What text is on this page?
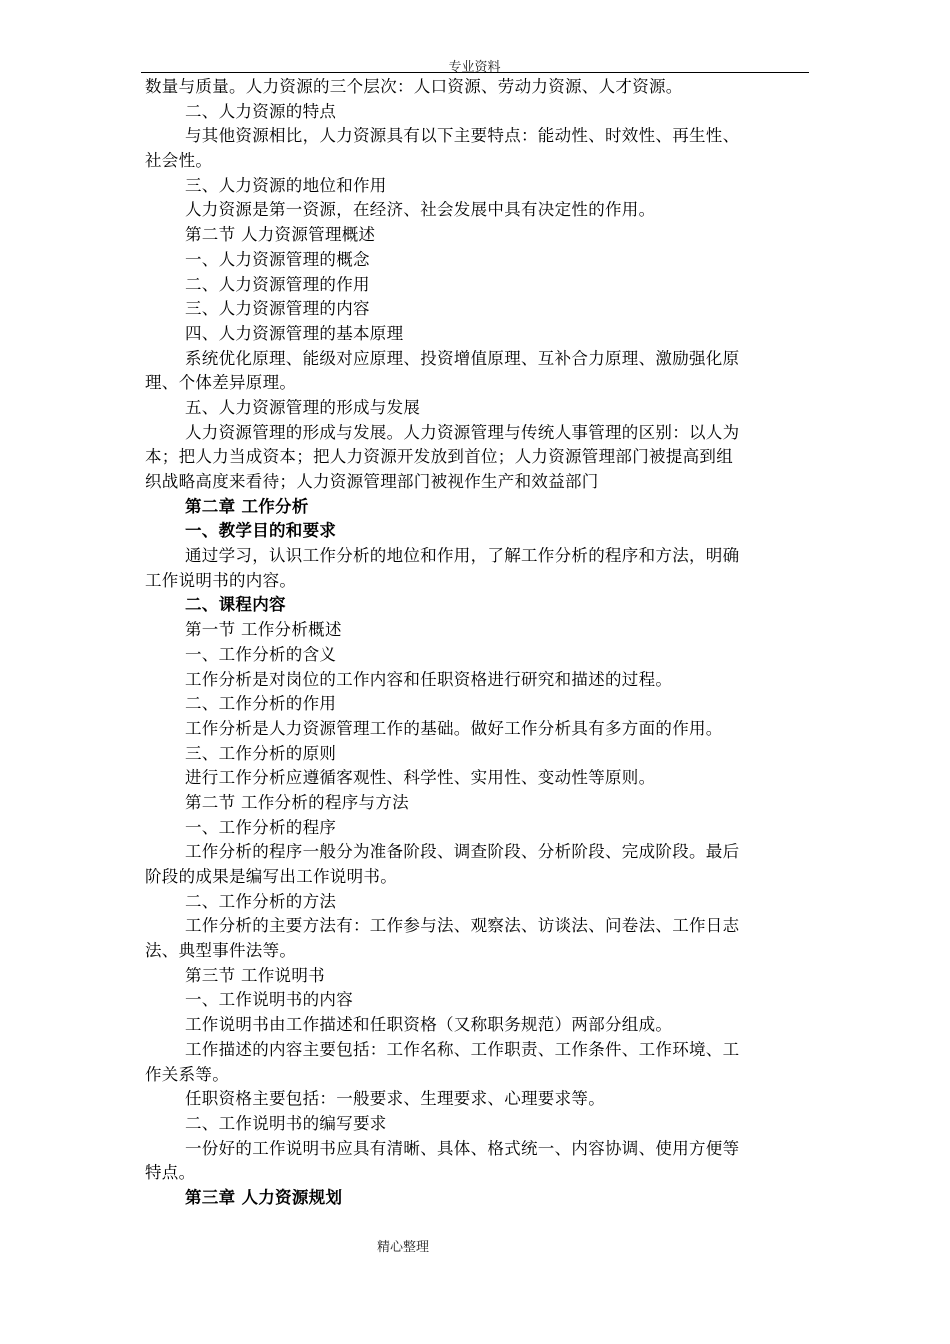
专业资料
数量与质量。人力资源的三个层次：人口资源、劳动力资源、人才资源。
二、人力资源的特点
与其他资源相比，人力资源具有以下主要特点：能动性、时效性、再生性、
社会性。
三、人力资源的地位和作用
人力资源是第一资源，在经济、社会发展中具有决定性的作用。
第二节 人力资源管理概述
一、人力资源管理的概念
二、人力资源管理的作用
三、人力资源管理的内容
四、人力资源管理的基本原理
系统优化原理、能级对应原理、投资增值原理、互补合力原理、激励强化原
理、个体差异原理。
五、人力资源管理的形成与发展
人力资源管理的形成与发展。人力资源管理与传统人事管理的区别：以人为
本；把人力当成资本；把人力资源开发放到首位；人力资源管理部门被提高到组
织战略高度来看待；人力资源管理部门被视作生产和效益部门
第二章 工作分析
一、教学目的和要求
通过学习，认识工作分析的地位和作用，了解工作分析的程序和方法，明确
工作说明书的内容。
二、课程内容
第一节 工作分析概述
一、工作分析的含义
工作分析是对岗位的工作内容和任职资格进行研究和描述的过程。
二、工作分析的作用
工作分析是人力资源管理工作的基础。做好工作分析具有多方面的作用。
三、工作分析的原则
进行工作分析应遵循客观性、科学性、实用性、变动性等原则。
第二节 工作分析的程序与方法
一、工作分析的程序
工作分析的程序一般分为准备阶段、调查阶段、分析阶段、完成阶段。最后
阶段的成果是编写出工作说明书。
二、工作分析的方法
工作分析的主要方法有：工作参与法、观察法、访谈法、问卷法、工作日志
法、典型事件法等。
第三节 工作说明书
一、工作说明书的内容
工作说明书由工作描述和任职资格（又称职务规范）两部分组成。
工作描述的内容主要包括：工作名称、工作职责、工作条件、工作环境、工
作关系等。
任职资格主要包括：一般要求、生理要求、心理要求等。
二、工作说明书的编写要求
一份好的工作说明书应具有清晰、具体、格式统一、内容协调、使用方便等
特点。
第三章 人力资源规划
精心整理
